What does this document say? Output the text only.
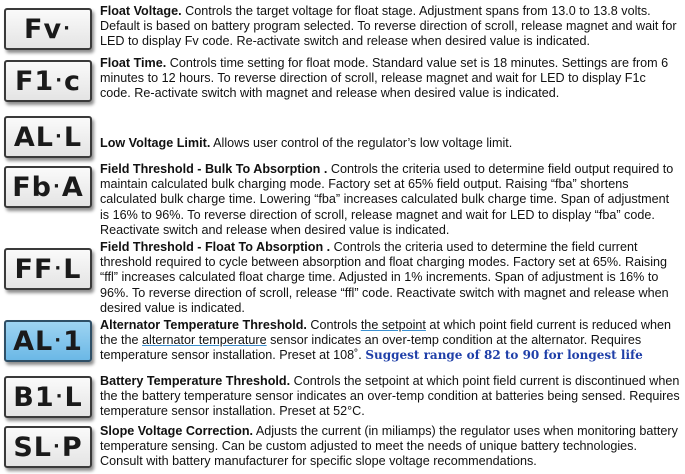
Fv ·

Float Voltage. Controls the target voltage for float stage. Adjustment spans from 13.0 to 13.8 volts. Default is based on battery program selected. To reverse direction of scroll, release magnet and wait for LED to display Fv code. Re-activate switch and release when desired value is indicated.

F1 · c

Float Time. Controls time setting for float mode. Standard value set is 18 minutes. Settings are from 6 minutes to 12 hours. To reverse direction of scroll, release magnet and wait for LED to display F1c code. Re-activate switch with magnet and release when desired value is indicated.

AL · L Low Voltage Limit. Allows user control of the regulator’s low voltage limit.

Fb · A

Field Threshold - Bulk To Absorption . Controls the criteria used to determine field output required to maintain calculated bulk charging mode. Factory set at 65% field output. Raising “fba” shortens calculated bulk charge time. Lowering “fba” increases calculated bulk charge time. Span of adjustment is 16% to 96%. To reverse direction of scroll, release magnet and wait for LED to display “fba” code. Reactivate switch and release when desired value is indicated.

FF · L

Field Threshold - Float To Absorption . Controls the criteria used to determine the field current threshold required to cycle between absorption and float charging modes. Factory set at 65%. Raising “ffl” increases calculated float charge time. Adjusted in 1% increments. Span of adjustment is 16% to 96%. To reverse direction of scroll, release “ffl” code. Reactivate switch with magnet and release when desired value is indicated.

AL · 1

Alternator Temperature Threshold. Controls the setpoint at which point field current is reduced when the the alternator temperature sensor indicates an over-temp condition at the alternator. Requires temperature sensor installation. Preset at 108˚. Suggest range of 82 to 90 for longest life

B1 · L

Battery Temperature Threshold. Controls the setpoint at which point field current is discontinued when the the battery temperature sensor indicates an over-temp condition at batteries being sensed. Requires temperature sensor installation. Preset at 52°C.

SL · P

Slope Voltage Correction. Adjusts the current (in miliamps) the regulator uses when monitoring battery temperature sensing. Can be custom adjusted to meet the needs of unique battery technologies. Consult with battery manufacturer for specific slope voltage recommendations.
